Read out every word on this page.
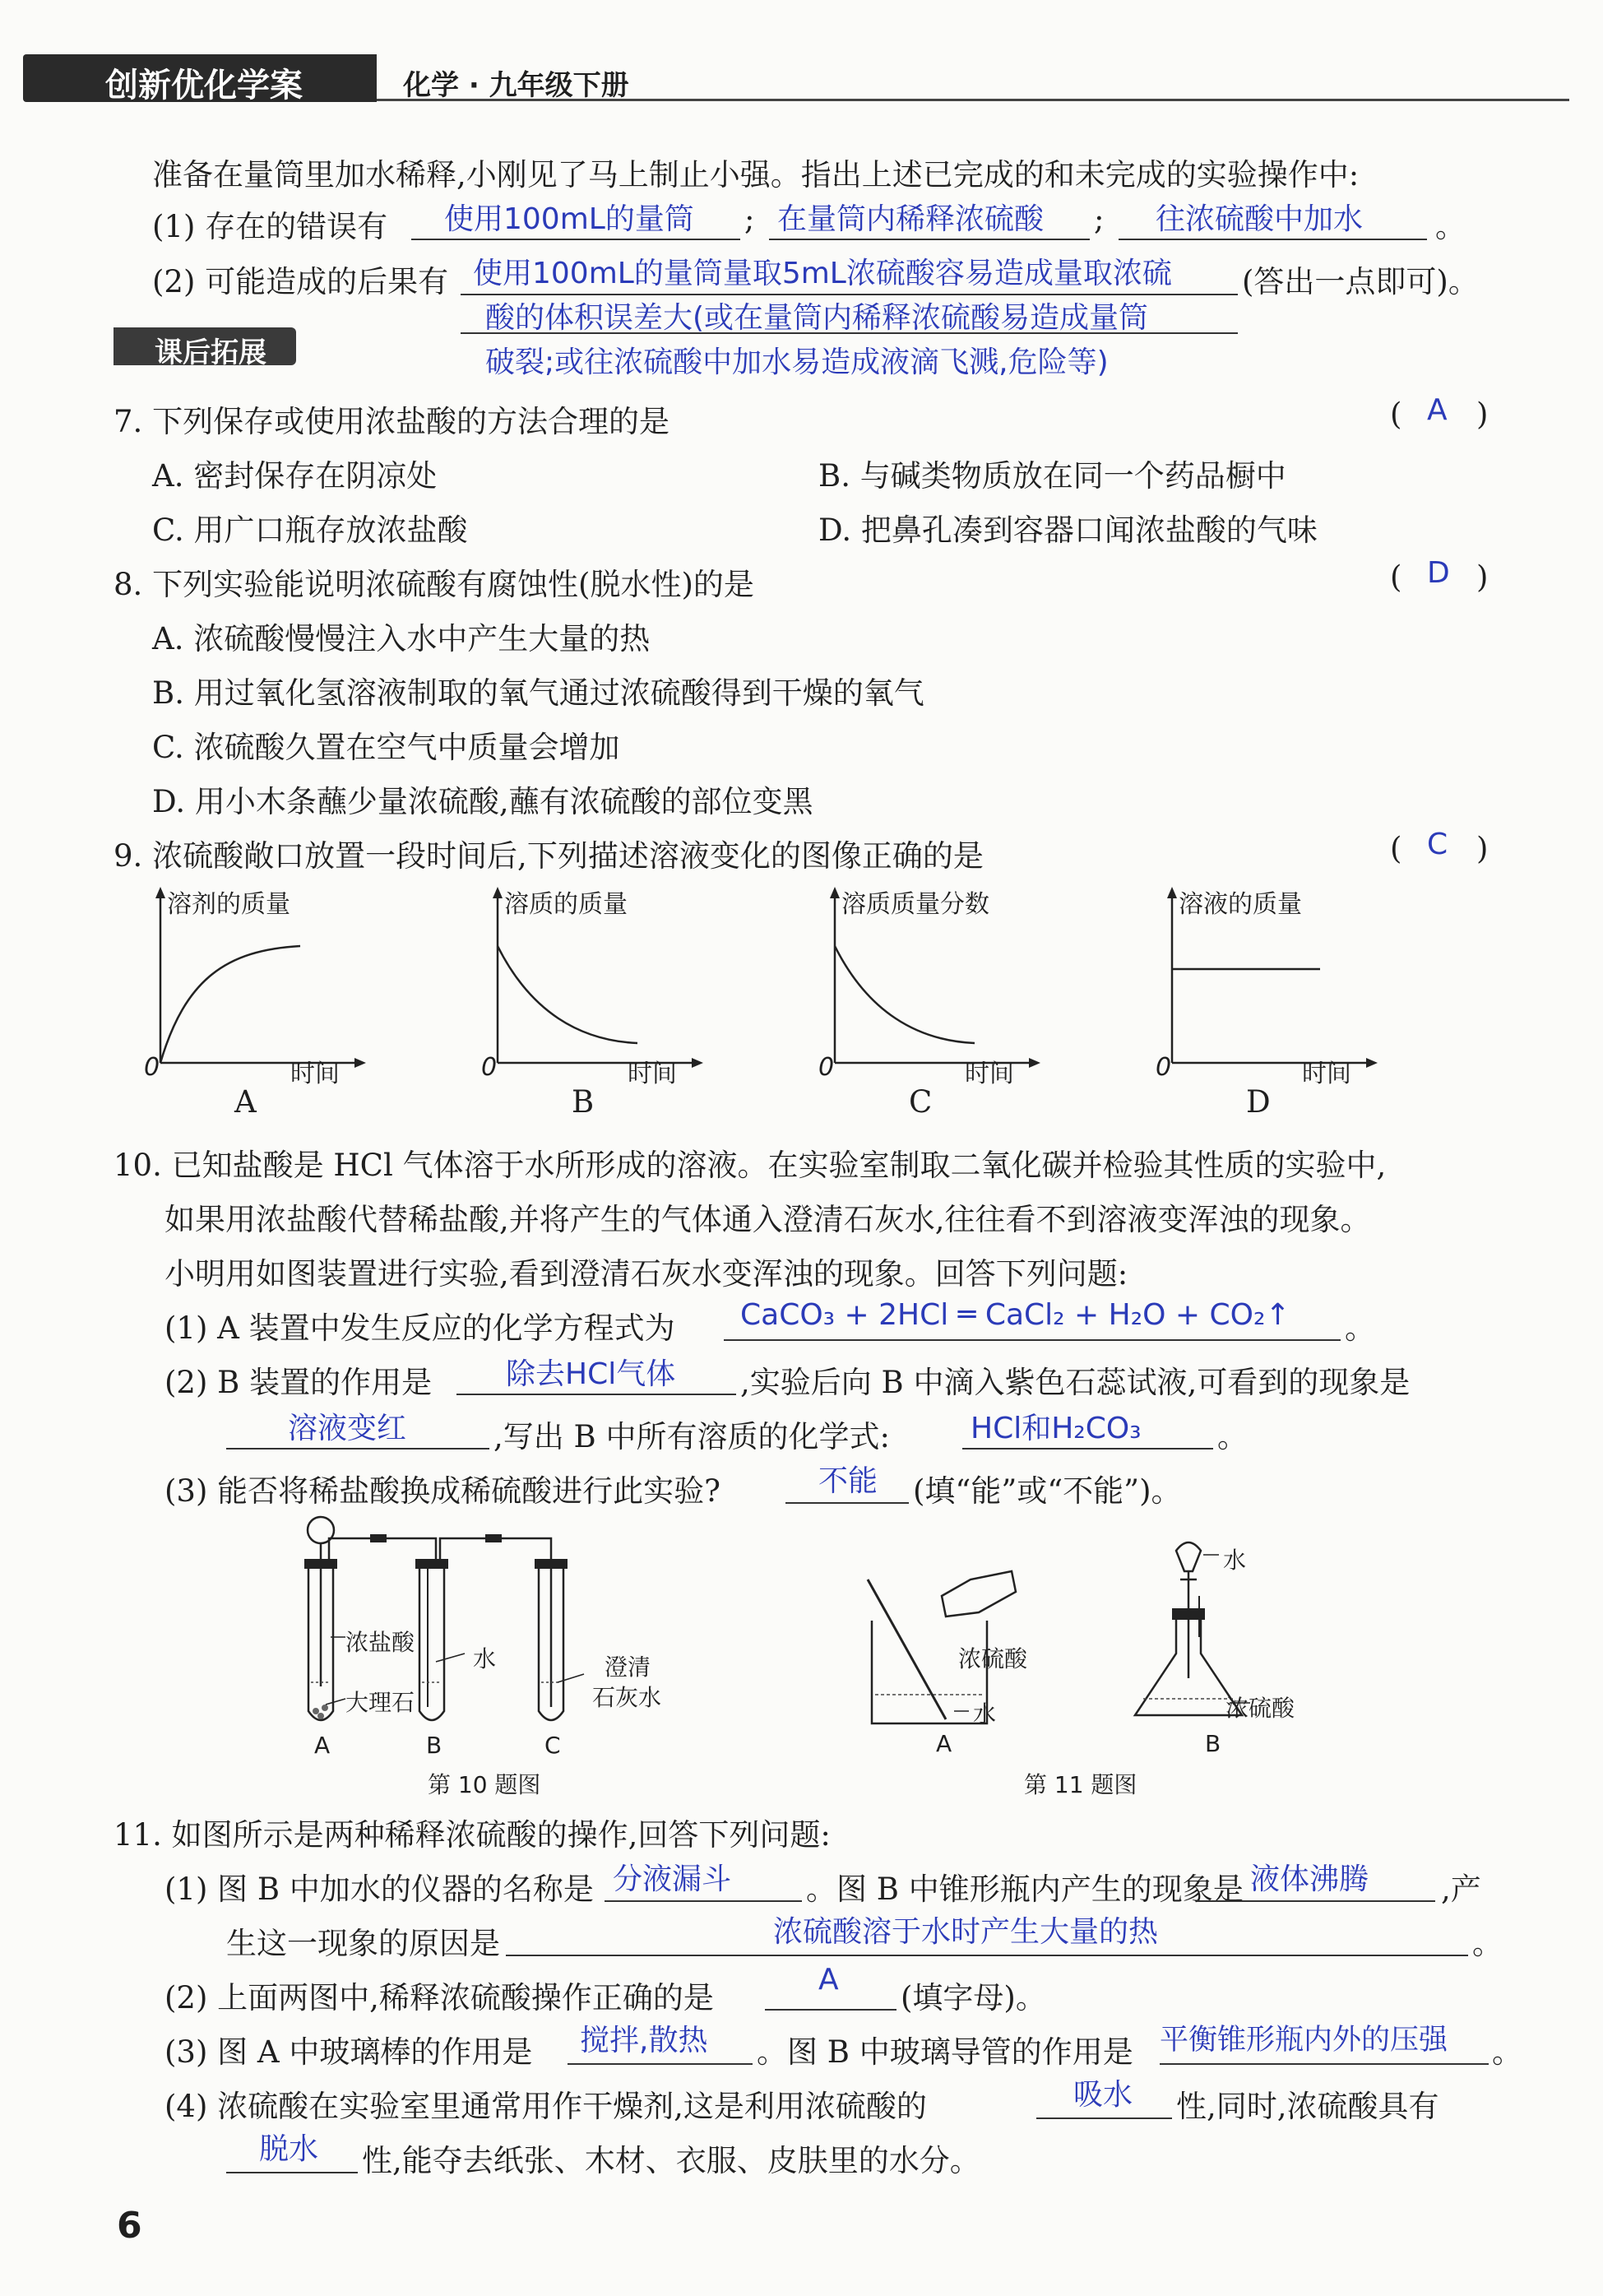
创新优化学案	化学 · 九年级下册
准备在量筒里加水稀释,小刚见了马上制止小强。指出上述已完成的和未完成的实验操作中:
(1) 存在的错误有 使用100mL的量筒 ; 在量筒内稀释浓硫酸 ; 往浓硫酸中加水 。
(2) 可能造成的后果有 使用100mL的量筒量取5mL浓硫酸容易造成量取浓硫 (答出一点即可)。
酸的体积误差大(或在量筒内稀释浓硫酸易造成量筒
破裂;或往浓硫酸中加水易造成液滴飞溅,危险等)
课后拓展
7. 下列保存或使用浓盐酸的方法合理的是	( A )
A. 密封保存在阴凉处	B. 与碱类物质放在同一个药品橱中
C. 用广口瓶存放浓盐酸	D. 把鼻孔凑到容器口闻浓盐酸的气味
8. 下列实验能说明浓硫酸有腐蚀性(脱水性)的是	( D )
A. 浓硫酸慢慢注入水中产生大量的热
B. 用过氧化氢溶液制取的氧气通过浓硫酸得到干燥的氧气
C. 浓硫酸久置在空气中质量会增加
D. 用小木条蘸少量浓硫酸,蘸有浓硫酸的部位变黑
9. 浓硫酸敞口放置一段时间后,下列描述溶液变化的图像正确的是	( C )
溶剂的质量
时间
0
A
溶质的质量
时间
0
B
溶质质量分数
时间
0
C
溶液的质量
时间
0
D
10. 已知盐酸是 HCl 气体溶于水所形成的溶液。在实验室制取二氧化碳并检验其性质的实验中,
如果用浓盐酸代替稀盐酸,并将产生的气体通入澄清石灰水,往往看不到溶液变浑浊的现象。
小明用如图装置进行实验,看到澄清石灰水变浑浊的现象。回答下列问题:
(1) A 装置中发生反应的化学方程式为 CaCO₃ + 2HCl ═ CaCl₂ + H₂O + CO₂↑ 。
(2) B 装置的作用是 除去HCl气体 ,实验后向 B 中滴入紫色石蕊试液,可看到的现象是
溶液变红	,写出 B 中所有溶质的化学式:	HCl和H₂CO₃ 。
(3) 能否将稀盐酸换成稀硫酸进行此实验?	不能 (填“能”或“不能”)。
浓盐酸
大理石
水	澄清
石灰水
A	B	C
第 10 题图
浓硫酸
水
水
浓硫酸
A	B
第 11 题图
11. 如图所示是两种稀释浓硫酸的操作,回答下列问题:
(1) 图 B 中加水的仪器的名称是 分液漏斗 。图 B 中锥形瓶内产生的现象是 液体沸腾 ,产
生这一现象的原因是	浓硫酸溶于水时产生大量的热	。
(2) 上面两图中,稀释浓硫酸操作正确的是
A
(填字母)。
(3) 图 A 中玻璃棒的作用是 搅拌,散热 。图 B 中玻璃导管的作用是 平衡锥形瓶内外的压强 。
(4) 浓硫酸在实验室里通常用作干燥剂,这是利用浓硫酸的	吸水 性,同时,浓硫酸具有
脱水 性,能夺去纸张、木材、衣服、皮肤里的水分。
6
